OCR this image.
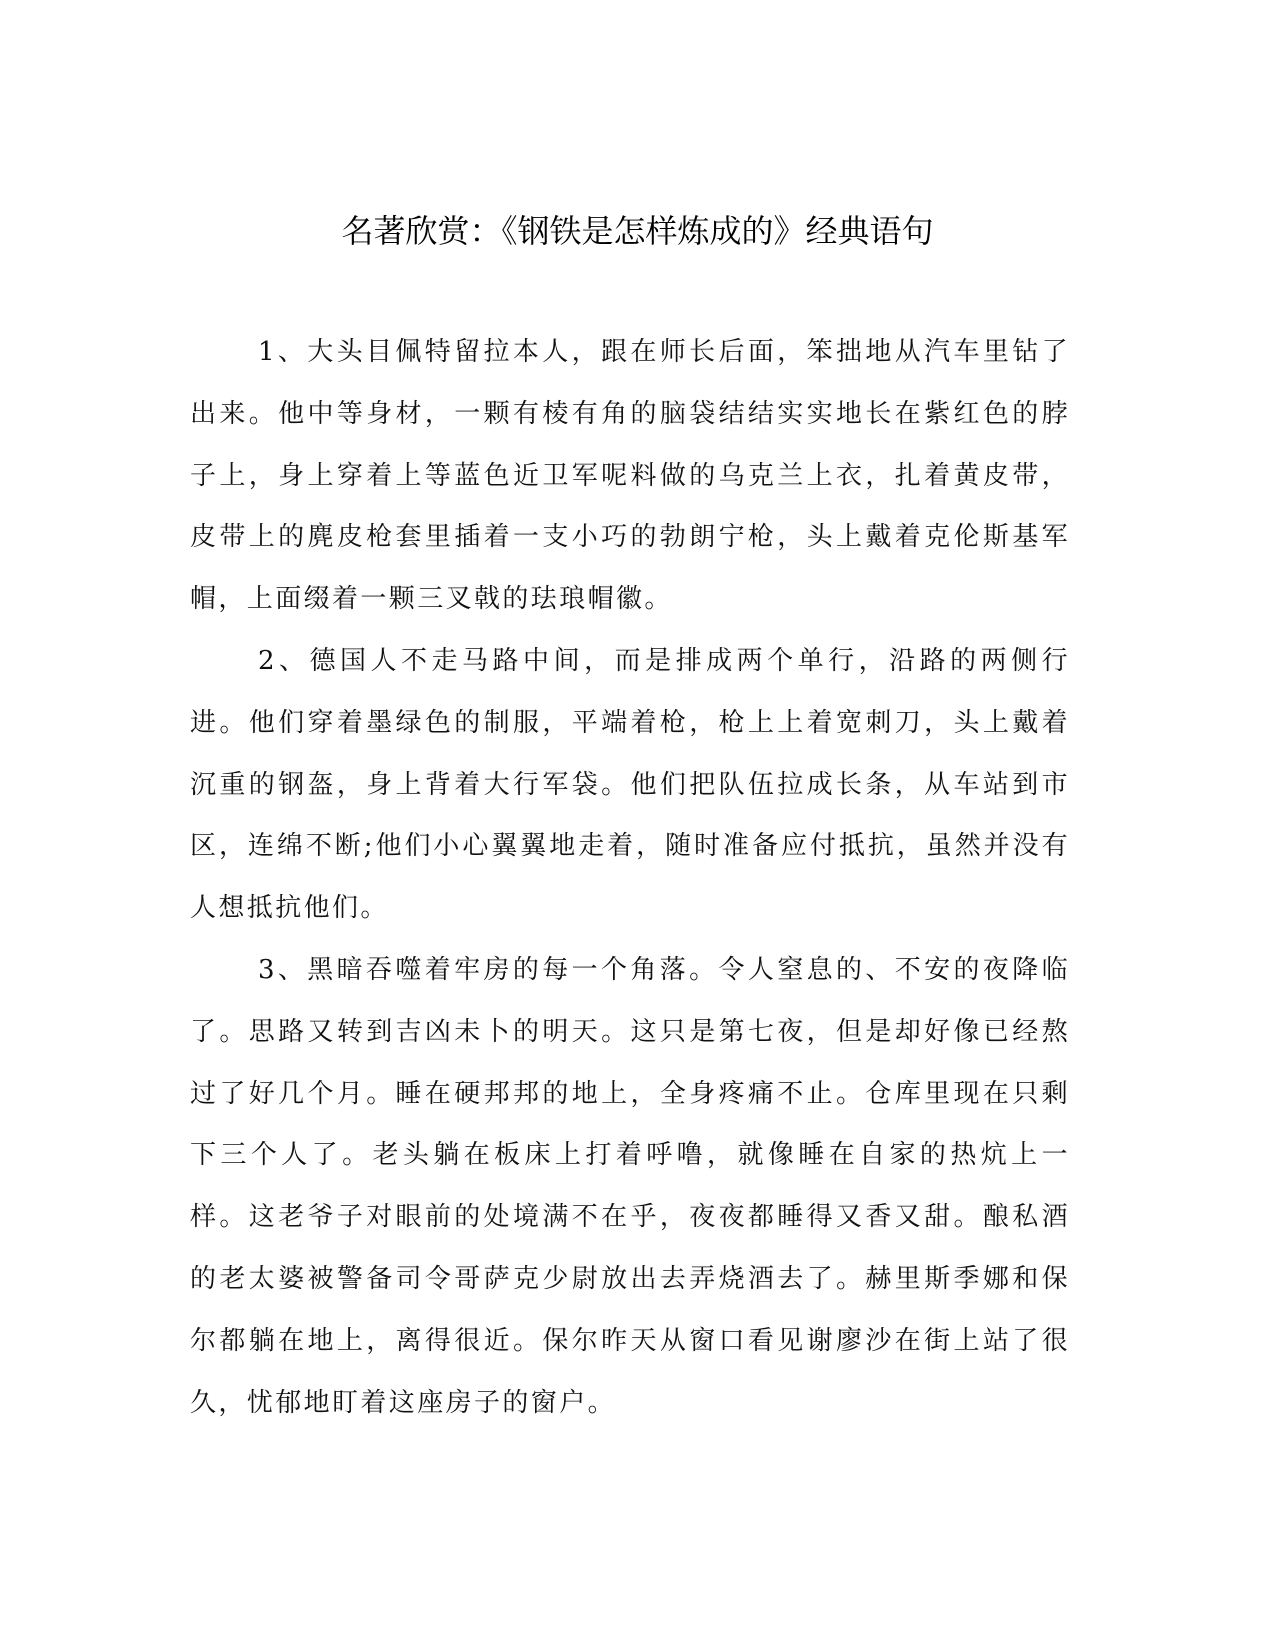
名著欣赏：《钢铁是怎样炼成的》经典语句

1、大头目佩特留拉本人，跟在师长后面，笨拙地从汽车里钻了出来。他中等身材，一颗有棱有角的脑袋结结实实地长在紫红色的脖子上，身上穿着上等蓝色近卫军呢料做的乌克兰上衣，扎着黄皮带，皮带上的麂皮枪套里插着一支小巧的勃朗宁枪，头上戴着克伦斯基军帽，上面缀着一颗三叉戟的珐琅帽徽。

2、德国人不走马路中间，而是排成两个单行，沿路的两侧行进。他们穿着墨绿色的制服，平端着枪，枪上上着宽刺刀，头上戴着沉重的钢盔，身上背着大行军袋。他们把队伍拉成长条，从车站到市区，连绵不断;他们小心翼翼地走着，随时准备应付抵抗，虽然并没有人想抵抗他们。

3、黑暗吞噬着牢房的每一个角落。令人窒息的、不安的夜降临了。思路又转到吉凶未卜的明天。这只是第七夜，但是却好像已经熬过了好几个月。睡在硬邦邦的地上，全身疼痛不止。仓库里现在只剩下三个人了。老头躺在板床上打着呼噜，就像睡在自家的热炕上一样。这老爷子对眼前的处境满不在乎，夜夜都睡得又香又甜。酿私酒的老太婆被警备司令哥萨克少尉放出去弄烧酒去了。赫里斯季娜和保尔都躺在地上，离得很近。保尔昨天从窗口看见谢廖沙在街上站了很久，忧郁地盯着这座房子的窗户。
